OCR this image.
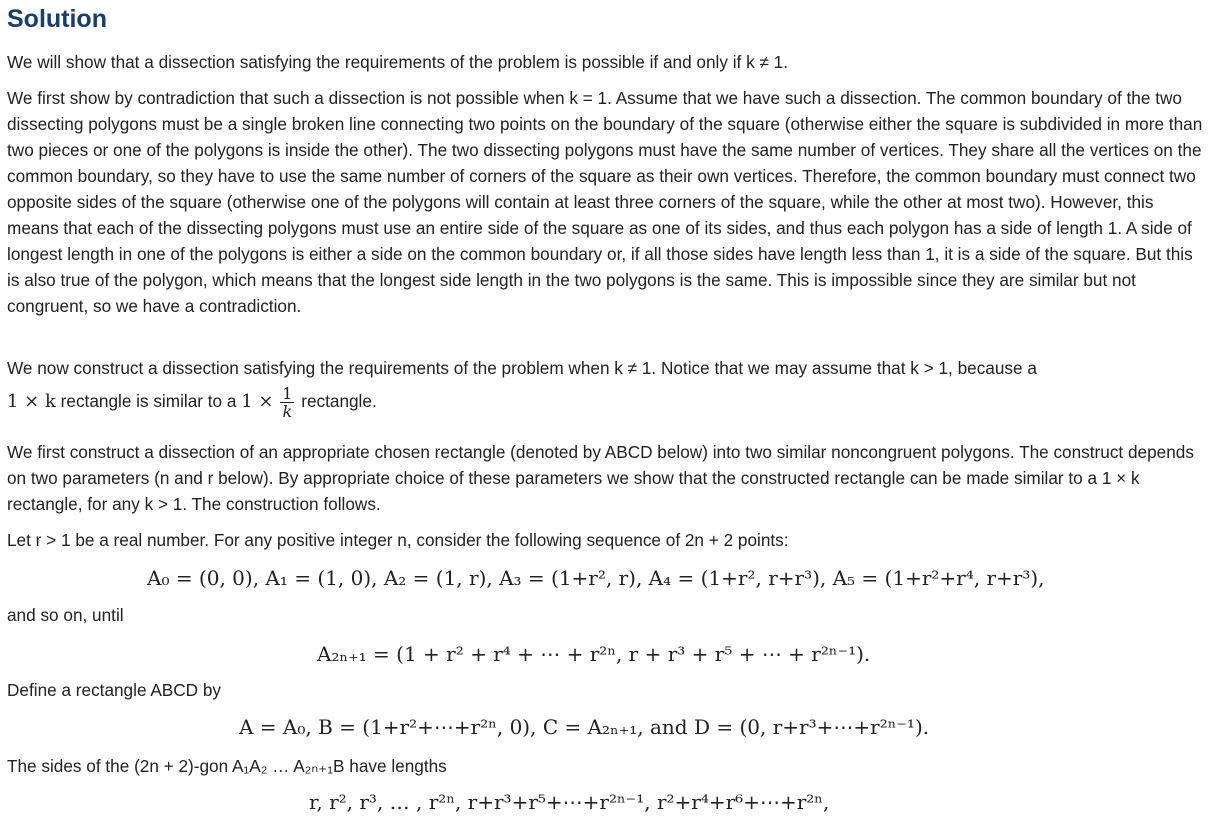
Solution

We will show that a dissection satisfying the requirements of the problem is possible if and only if k ≠ 1.

We first show by contradiction that such a dissection is not possible when k = 1. Assume that we have such a dissection. The common boundary of the two dissecting polygons must be a single broken line connecting two points on the boundary of the square (otherwise either the square is subdivided in more than two pieces or one of the polygons is inside the other). The two dissecting polygons must have the same number of vertices. They share all the vertices on the common boundary, so they have to use the same number of corners of the square as their own vertices. Therefore, the common boundary must connect two opposite sides of the square (otherwise one of the polygons will contain at least three corners of the square, while the other at most two). However, this means that each of the dissecting polygons must use an entire side of the square as one of its sides, and thus each polygon has a side of length 1. A side of longest length in one of the polygons is either a side on the common boundary or, if all those sides have length less than 1, it is a side of the square. But this is also true of the polygon, which means that the longest side length in the two polygons is the same. This is impossible since they are similar but not congruent, so we have a contradiction.

We now construct a dissection satisfying the requirements of the problem when k ≠ 1. Notice that we may assume that k > 1, because a
1 × k rectangle is similar to a $1 \times \frac{1}{k}$ rectangle.

We first construct a dissection of an appropriate chosen rectangle (denoted by ABCD below) into two similar noncongruent polygons. The construct depends on two parameters (n and r below). By appropriate choice of these parameters we show that the constructed rectangle can be made similar to a 1 × k rectangle, for any k > 1. The construction follows.

Let r > 1 be a real number. For any positive integer n, consider the following sequence of 2n + 2 points:

A₀ = (0, 0), A₁ = (1, 0), A₂ = (1, r), A₃ = (1+r², r), A₄ = (1+r², r+r³), A₅ = (1+r²+r⁴, r+r³),

and so on, until

A₂ₙ₊₁ = (1 + r² + r⁴ + ⋯ + r²ⁿ, r + r³ + r⁵ + ⋯ + r²ⁿ⁻¹).

Define a rectangle ABCD by

A = A₀, B = (1+r²+⋯+r²ⁿ, 0), C = A₂ₙ₊₁, and D = (0, r+r³+⋯+r²ⁿ⁻¹).

The sides of the (2n + 2)-gon A₁A₂ … A₂ₙ₊₁B have lengths

r, r², r³, … , r²ⁿ, r+r³+r⁵+⋯+r²ⁿ⁻¹, r²+r⁴+r⁶+⋯+r²ⁿ,
